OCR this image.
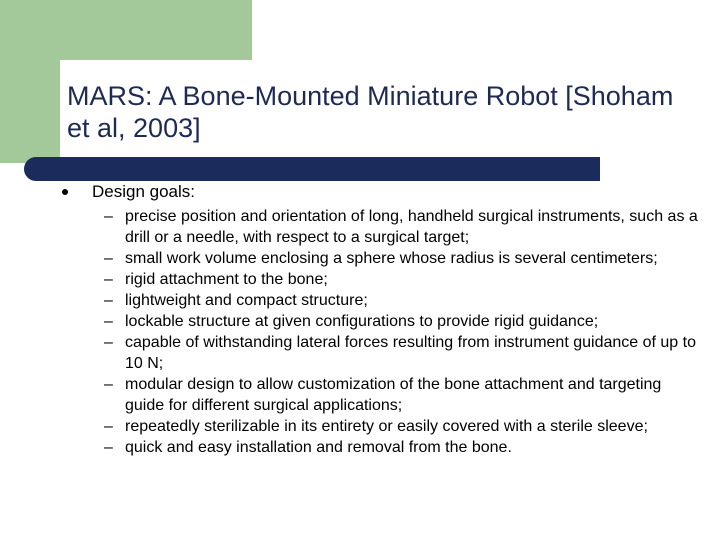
MARS: A Bone-Mounted Miniature Robot [Shoham et al, 2003]

Design goals:

– precise position and orientation of long, handheld surgical instruments, such as a drill or a needle, with respect to a surgical target;
– small work volume enclosing a sphere whose radius is several centimeters;
– rigid attachment to the bone;
– lightweight and compact structure;
– lockable structure at given configurations to provide rigid guidance;
– capable of withstanding lateral forces resulting from instrument guidance of up to 10 N;
– modular design to allow customization of the bone attachment and targeting guide for different surgical applications;
– repeatedly sterilizable in its entirety or easily covered with a sterile sleeve;
– quick and easy installation and removal from the bone.
